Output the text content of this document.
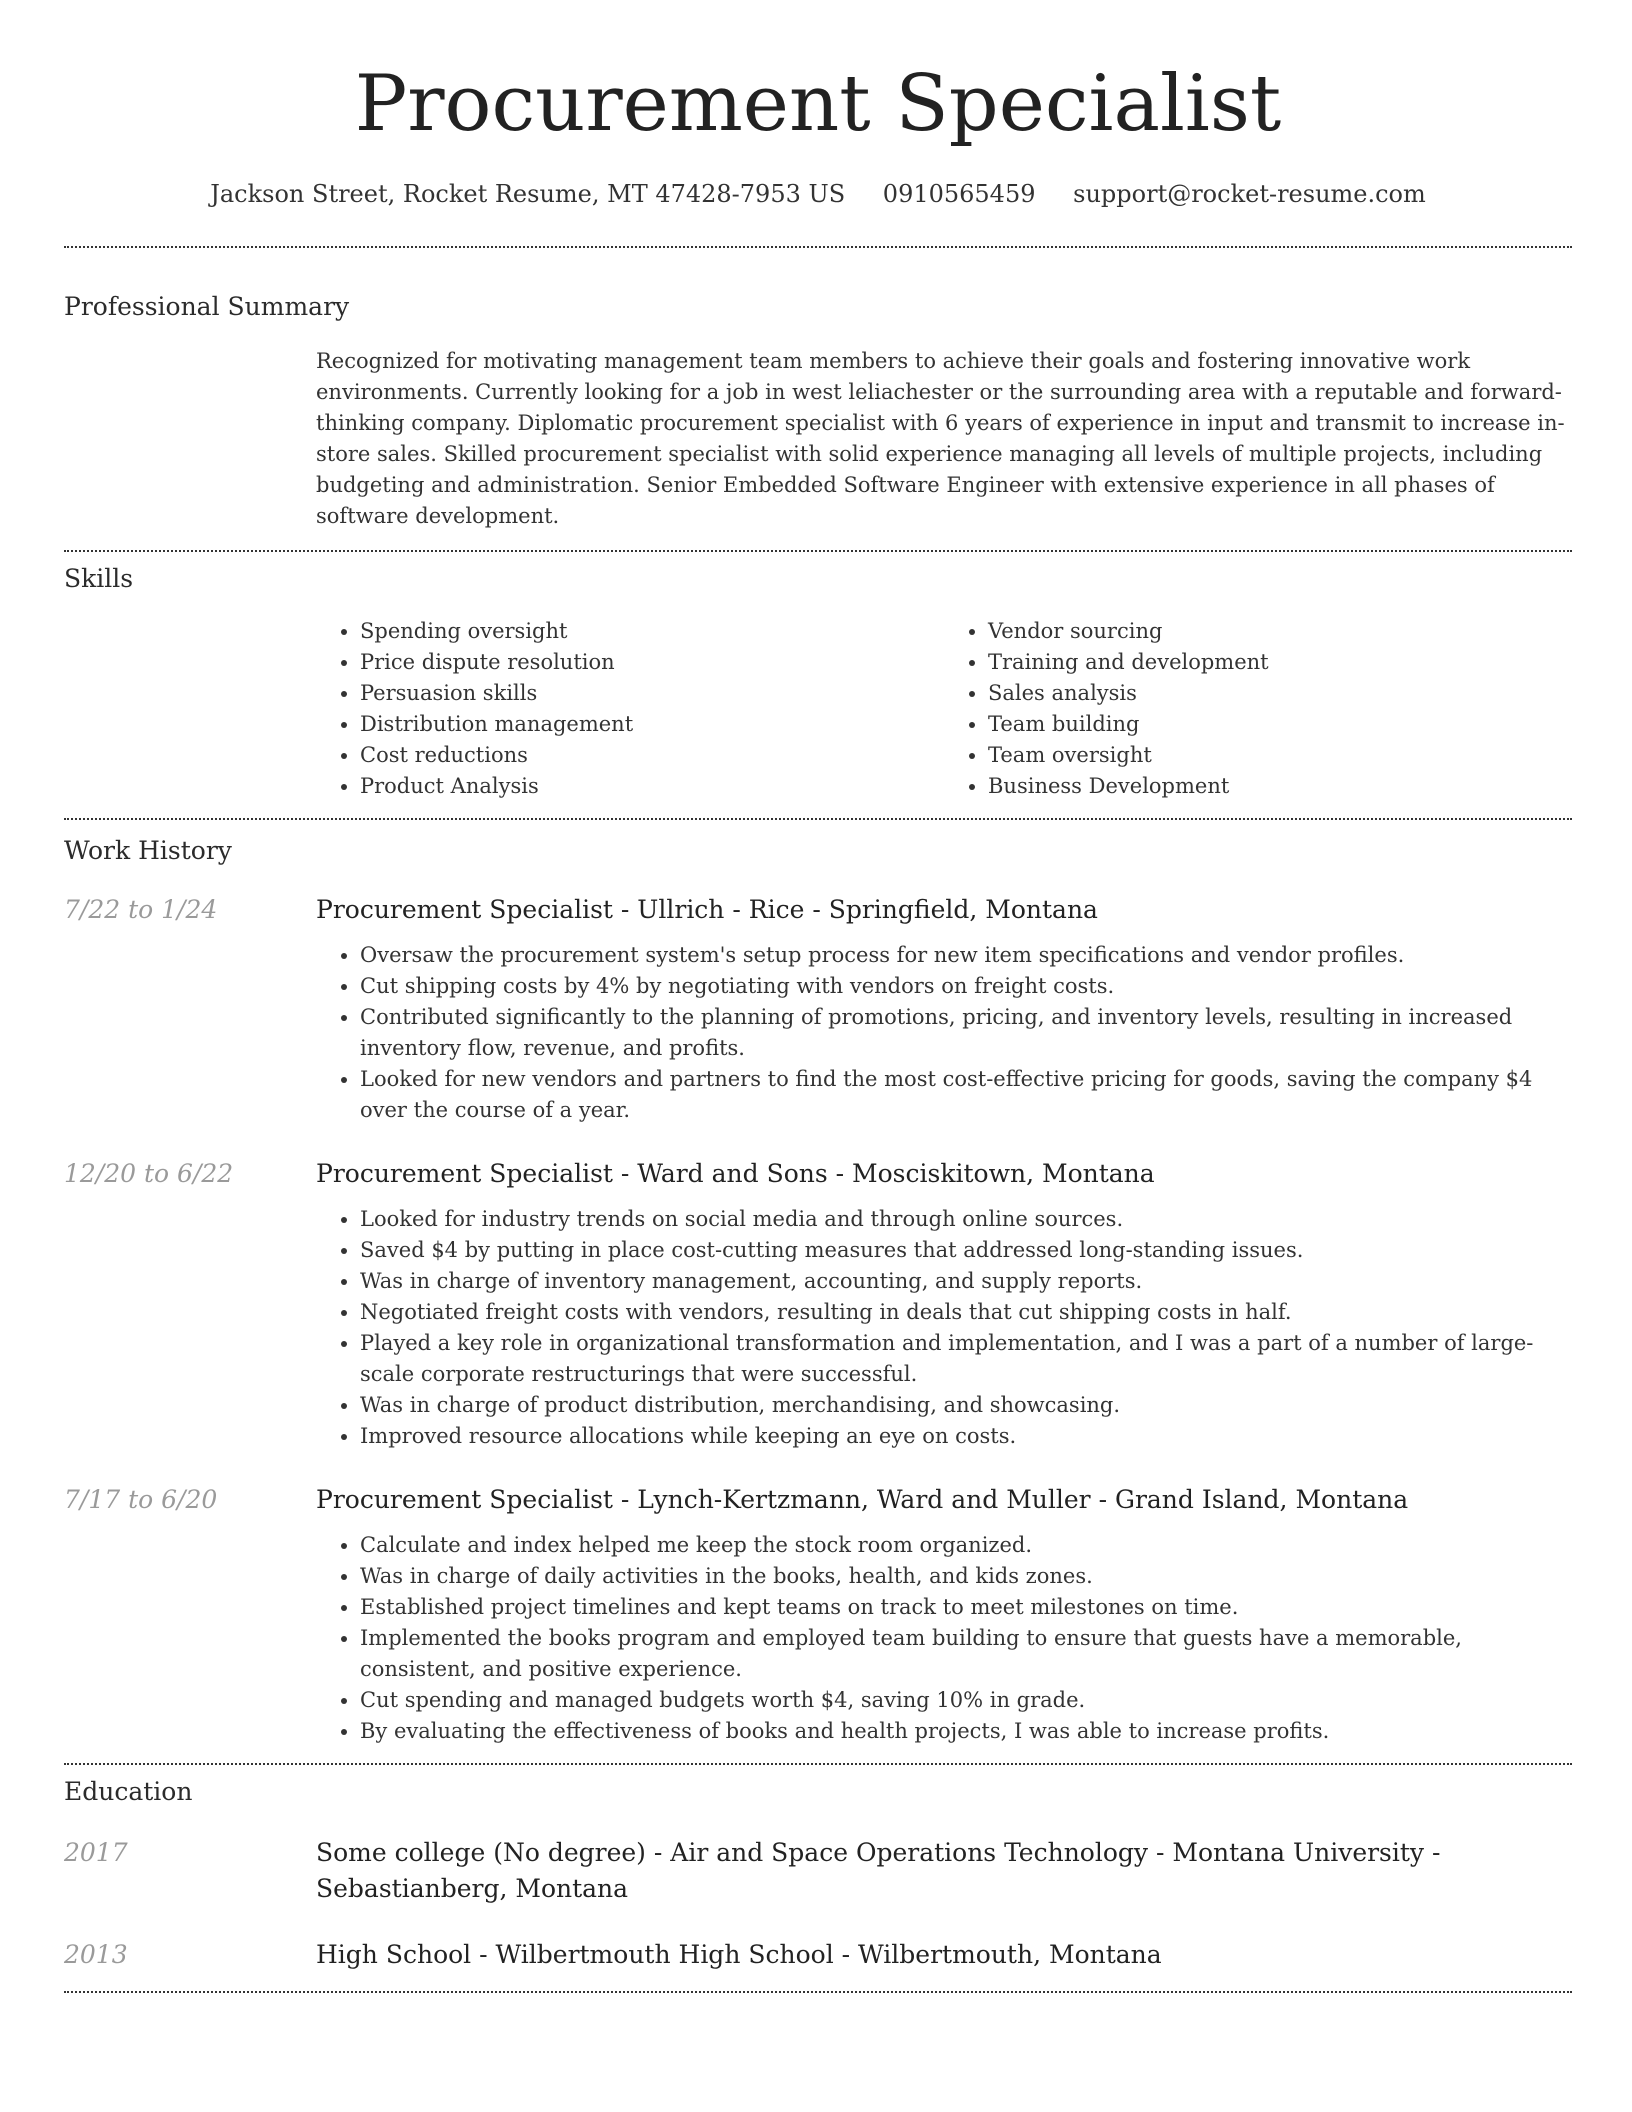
Procurement Specialist
Jackson Street, Rocket Resume, MT 47428-7953 US 0910565459 support@rocket-resume.com
Professional Summary
Recognized for motivating management team members to achieve their goals and fostering innovative work environments. Currently looking for a job in west leliachester or the surrounding area with a reputable and forward-thinking company. Diplomatic procurement specialist with 6 years of experience in input and transmit to increase in-store sales. Skilled procurement specialist with solid experience managing all levels of multiple projects, including budgeting and administration. Senior Embedded Software Engineer with extensive experience in all phases of software development.
Skills
• Spending oversight
• Price dispute resolution
• Persuasion skills
• Distribution management
• Cost reductions
• Product Analysis
• Vendor sourcing
• Training and development
• Sales analysis
• Team building
• Team oversight
• Business Development
Work History
7/22 to 1/24	Procurement Specialist - Ullrich - Rice - Springfield, Montana
• Oversaw the procurement system's setup process for new item specifications and vendor profiles.
• Cut shipping costs by 4% by negotiating with vendors on freight costs.
• Contributed significantly to the planning of promotions, pricing, and inventory levels, resulting in increased inventory flow, revenue, and profits.
• Looked for new vendors and partners to find the most cost-effective pricing for goods, saving the company $4 over the course of a year.
12/20 to 6/22	Procurement Specialist - Ward and Sons - Mosciskitown, Montana
• Looked for industry trends on social media and through online sources.
• Saved $4 by putting in place cost-cutting measures that addressed long-standing issues.
• Was in charge of inventory management, accounting, and supply reports.
• Negotiated freight costs with vendors, resulting in deals that cut shipping costs in half.
• Played a key role in organizational transformation and implementation, and I was a part of a number of large-scale corporate restructurings that were successful.
• Was in charge of product distribution, merchandising, and showcasing.
• Improved resource allocations while keeping an eye on costs.
7/17 to 6/20	Procurement Specialist - Lynch-Kertzmann, Ward and Muller - Grand Island, Montana
• Calculate and index helped me keep the stock room organized.
• Was in charge of daily activities in the books, health, and kids zones.
• Established project timelines and kept teams on track to meet milestones on time.
• Implemented the books program and employed team building to ensure that guests have a memorable, consistent, and positive experience.
• Cut spending and managed budgets worth $4, saving 10% in grade.
• By evaluating the effectiveness of books and health projects, I was able to increase profits.
Education
2017	Some college (No degree) - Air and Space Operations Technology - Montana University - Sebastianberg, Montana
2013	High School - Wilbertmouth High School - Wilbertmouth, Montana
